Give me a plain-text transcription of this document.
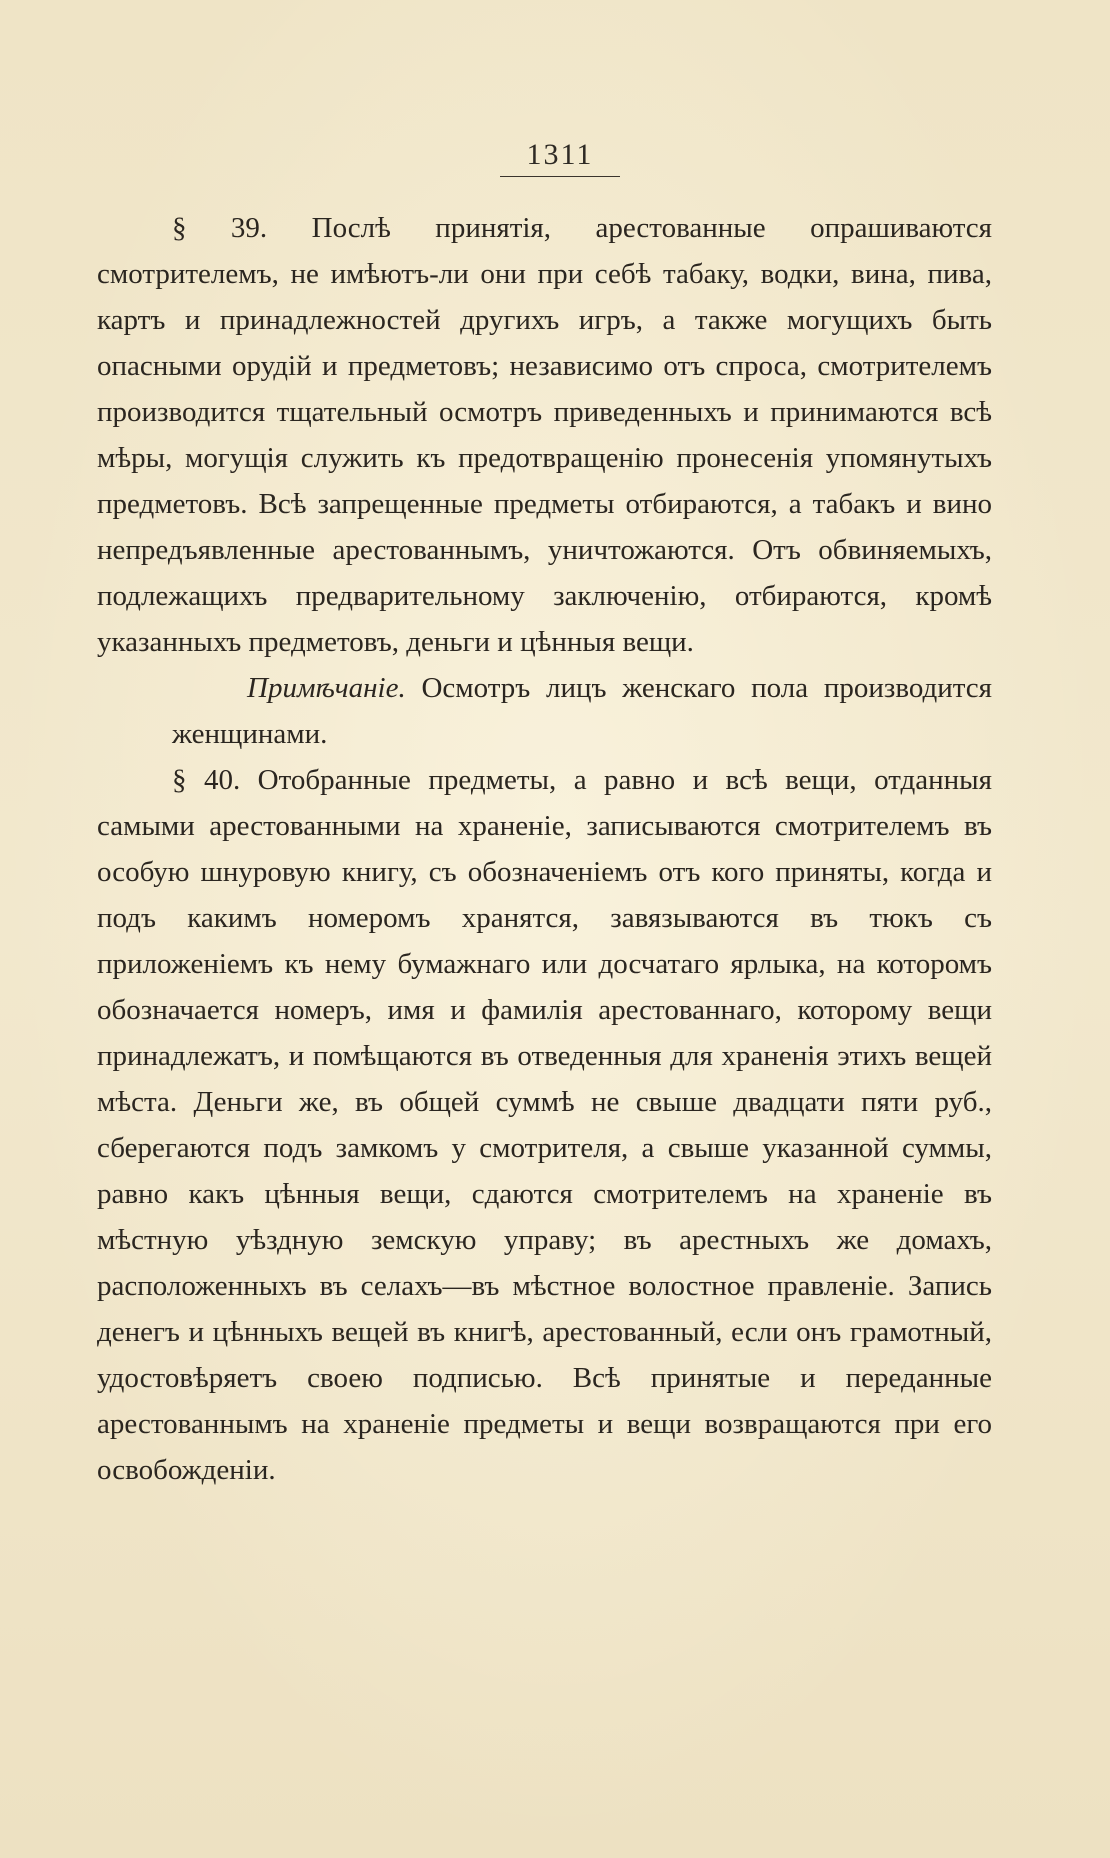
1311

§ 39. Послѣ принятія, арестованные опрашиваются смотрителемъ, не имѣютъ-ли они при себѣ табаку, водки, вина, пива, картъ и принадлежностей другихъ игръ, а также могущихъ быть опасными орудій и предметовъ; независимо отъ спроса, смотрителемъ производится тщательный осмотръ приведенныхъ и принимаются всѣ мѣры, могущія служить къ предотвращенію пронесенія упомянутыхъ предметовъ. Всѣ запрещенные предметы отбираются, а табакъ и вино непредъявленные арестованнымъ, уничтожаются. Отъ обвиняемыхъ, подлежащихъ предварительному заключенію, отбираются, кромѣ указанныхъ предметовъ, деньги и цѣнныя вещи.

Примѣчаніе. Осмотръ лицъ женскаго пола производится женщинами.

§ 40. Отобранные предметы, а равно и всѣ вещи, отданныя самыми арестованными на храненіе, записываются смотрителемъ въ особую шнуровую книгу, съ обозначеніемъ отъ кого приняты, когда и подъ какимъ номеромъ хранятся, завязываются въ тюкъ съ приложеніемъ къ нему бумажнаго или досчатаго ярлыка, на которомъ обозначается номеръ, имя и фамилія арестованнаго, которому вещи принадлежатъ, и помѣщаются въ отведенныя для храненія этихъ вещей мѣста. Деньги же, въ общей суммѣ не свыше двадцати пяти руб., сберегаются подъ замкомъ у смотрителя, а свыше указанной суммы, равно какъ цѣнныя вещи, сдаются смотрителемъ на храненіе въ мѣстную уѣздную земскую управу; въ арестныхъ же домахъ, расположенныхъ въ селахъ—въ мѣстное волостное правленіе. Запись денегъ и цѣнныхъ вещей въ книгѣ, арестованный, если онъ грамотный, удостовѣряетъ своею подписью. Всѣ принятые и переданные арестованнымъ на храненіе предметы и вещи возвращаются при его освобожденіи.
